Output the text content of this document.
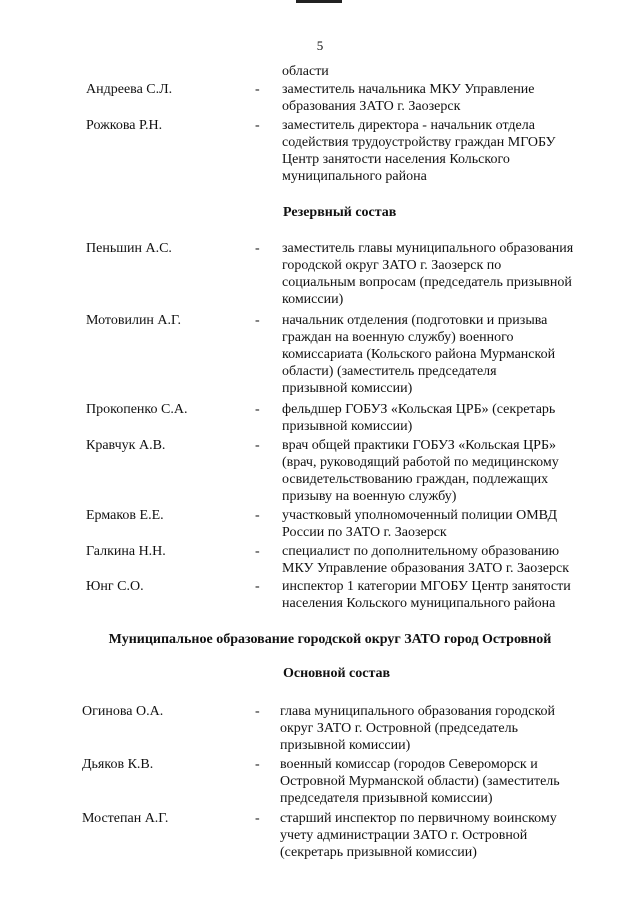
5
области
Андреева С.Л.	- заместитель начальника МКУ Управление
образования ЗАТО г. Заозерск
Рожкова Р.Н.	- заместитель директора - начальник отдела
содействия трудоустройству граждан МГОБУ
Центр занятости населения Кольского
муниципального района
Резервный состав
Пеньшин А.С.	- заместитель главы муниципального образования
городской округ ЗАТО г. Заозерск по
социальным вопросам (председатель призывной
комиссии)
Мотовилин А.Г.	- начальник отделения (подготовки и призыва
граждан на военную службу) военного
комиссариата (Кольского района Мурманской
области) (заместитель председателя
призывной комиссии)
Прокопенко С.А.	- фельдшер ГОБУЗ «Кольская ЦРБ» (секретарь
призывной комиссии)
Кравчук А.В.	- врач общей практики ГОБУЗ «Кольская ЦРБ»
(врач, руководящий работой по медицинскому
освидетельствованию граждан, подлежащих
призыву на военную службу)
Ермаков Е.Е.	- участковый уполномоченный полиции ОМВД
России по ЗАТО г. Заозерск
Галкина Н.Н.	- специалист по дополнительному образованию
МКУ Управление образования ЗАТО г. Заозерск
Юнг С.О.	- инспектор 1 категории МГОБУ Центр занятости
населения Кольского муниципального района
Муниципальное образование городской округ ЗАТО город Островной
Основной состав
Огинова О.А.	- глава муниципального образования городской
округ ЗАТО г. Островной (председатель
призывной комиссии)
Дьяков К.В.	- военный комиссар (городов Североморск и
Островной Мурманской области) (заместитель
председателя призывной комиссии)
Мостепан А.Г.	- старший инспектор по первичному воинскому
учету администрации ЗАТО г. Островной
(секретарь призывной комиссии)
